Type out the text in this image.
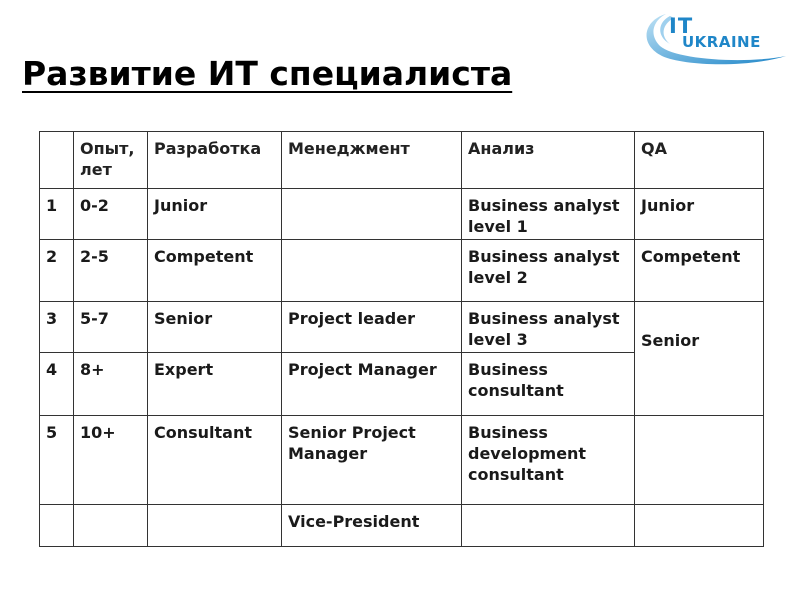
IT
UKRAINE
Развитие ИТ специалиста
	Опыт, лет	Разработка	Менеджмент	Анализ	QA
1	0-2	Junior		Business analyst level 1	Junior
2	2-5	Competent		Business analyst level 2	Competent
3	5-7	Senior	Project leader	Business analyst level 3	Senior
4	8+	Expert	Project Manager	Business consultant	
5	10+	Consultant	Senior Project Manager	Business development consultant	
			Vice-President		
